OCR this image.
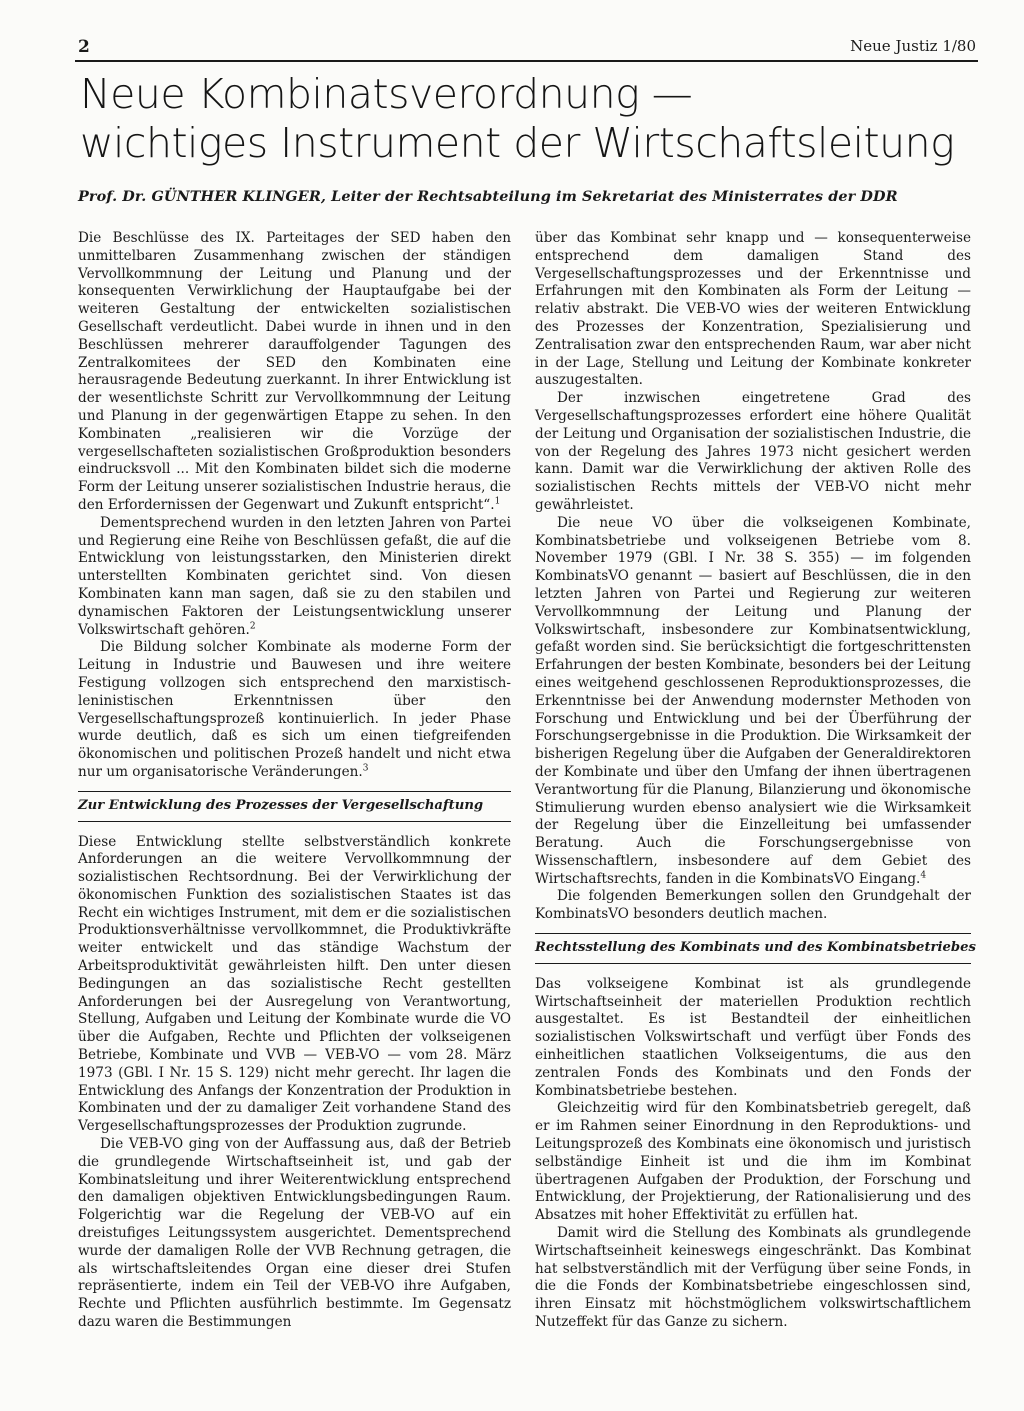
2	Neue Justiz 1/80
Neue Kombinatsverordnung —
wichtiges Instrument der Wirtschaftsleitung
Prof. Dr. GÜNTHER KLINGER, Leiter der Rechtsabteilung im Sekretariat des Ministerrates der DDR

Die Beschlüsse des IX. Parteitages der SED haben den unmittelbaren Zusammenhang zwischen der ständigen Vervollkommnung der Leitung und Planung und der konsequenten Verwirklichung der Hauptaufgabe bei der weiteren Gestaltung der entwickelten sozialistischen Gesellschaft verdeutlicht. Dabei wurde in ihnen und in den Beschlüssen mehrerer darauffolgender Tagungen des Zentralkomitees der SED den Kombinaten eine herausragende Bedeutung zuerkannt. In ihrer Entwicklung ist der wesentlichste Schritt zur Vervollkommnung der Leitung und Planung in der gegenwärtigen Etappe zu sehen. In den Kombinaten „realisieren wir die Vorzüge der vergesellschafteten sozialistischen Großproduktion besonders eindrucksvoll ... Mit den Kombinaten bildet sich die moderne Form der Leitung unserer sozialistischen Industrie heraus, die den Erfordernissen der Gegenwart und Zukunft entspricht“.$^1$

Dementsprechend wurden in den letzten Jahren von Partei und Regierung eine Reihe von Beschlüssen gefaßt, die auf die Entwicklung von leistungsstarken, den Ministerien direkt unterstellten Kombinaten gerichtet sind. Von diesen Kombinaten kann man sagen, daß sie zu den stabilen und dynamischen Faktoren der Leistungsentwicklung unserer Volkswirtschaft gehören.$^2$

Die Bildung solcher Kombinate als moderne Form der Leitung in Industrie und Bauwesen und ihre weitere Festigung vollzogen sich entsprechend den marxistisch-leninistischen Erkenntnissen über den Vergesellschaftungsprozeß kontinuierlich. In jeder Phase wurde deutlich, daß es sich um einen tiefgreifenden ökonomischen und politischen Prozeß handelt und nicht etwa nur um organisatorische Veränderungen.$^3$

Zur Entwicklung des Prozesses der Vergesellschaftung

Diese Entwicklung stellte selbstverständlich konkrete Anforderungen an die weitere Vervollkommnung der sozialistischen Rechtsordnung. Bei der Verwirklichung der ökonomischen Funktion des sozialistischen Staates ist das Recht ein wichtiges Instrument, mit dem er die sozialistischen Produktionsverhältnisse vervollkommnet, die Produktivkräfte weiter entwickelt und das ständige Wachstum der Arbeitsproduktivität gewährleisten hilft. Den unter diesen Bedingungen an das sozialistische Recht gestellten Anforderungen bei der Ausregelung von Verantwortung, Stellung, Aufgaben und Leitung der Kombinate wurde die VO über die Aufgaben, Rechte und Pflichten der volkseigenen Betriebe, Kombinate und VVB — VEB-VO — vom 28. März 1973 (GBl. I Nr. 15 S. 129) nicht mehr gerecht. Ihr lagen die Entwicklung des Anfangs der Konzentration der Produktion in Kombinaten und der zu damaliger Zeit vorhandene Stand des Vergesellschaftungsprozesses der Produktion zugrunde.

Die VEB-VO ging von der Auffassung aus, daß der Betrieb die grundlegende Wirtschaftseinheit ist, und gab der Kombinatsleitung und ihrer Weiterentwicklung entsprechend den damaligen objektiven Entwicklungsbedingungen Raum. Folgerichtig war die Regelung der VEB-VO auf ein dreistufiges Leitungssystem ausgerichtet. Dementsprechend wurde der damaligen Rolle der VVB Rechnung getragen, die als wirtschaftsleitendes Organ eine dieser drei Stufen repräsentierte, indem ein Teil der VEB-VO ihre Aufgaben, Rechte und Pflichten ausführlich bestimmte. Im Gegensatz dazu waren die Bestimmungen

über das Kombinat sehr knapp und — konsequenterweise entsprechend dem damaligen Stand des Vergesellschaftungsprozesses und der Erkenntnisse und Erfahrungen mit den Kombinaten als Form der Leitung — relativ abstrakt. Die VEB-VO wies der weiteren Entwicklung des Prozesses der Konzentration, Spezialisierung und Zentralisation zwar den entsprechenden Raum, war aber nicht in der Lage, Stellung und Leitung der Kombinate konkreter auszugestalten.

Der inzwischen eingetretene Grad des Vergesellschaftungsprozesses erfordert eine höhere Qualität der Leitung und Organisation der sozialistischen Industrie, die von der Regelung des Jahres 1973 nicht gesichert werden kann. Damit war die Verwirklichung der aktiven Rolle des sozialistischen Rechts mittels der VEB-VO nicht mehr gewährleistet.

Die neue VO über die volkseigenen Kombinate, Kombinatsbetriebe und volkseigenen Betriebe vom 8. November 1979 (GBl. I Nr. 38 S. 355) — im folgenden KombinatsVO genannt — basiert auf Beschlüssen, die in den letzten Jahren von Partei und Regierung zur weiteren Vervollkommnung der Leitung und Planung der Volkswirtschaft, insbesondere zur Kombinatsentwicklung, gefaßt worden sind. Sie berücksichtigt die fortgeschrittensten Erfahrungen der besten Kombinate, besonders bei der Leitung eines weitgehend geschlossenen Reproduktionsprozesses, die Erkenntnisse bei der Anwendung modernster Methoden von Forschung und Entwicklung und bei der Überführung der Forschungsergebnisse in die Produktion. Die Wirksamkeit der bisherigen Regelung über die Aufgaben der Generaldirektoren der Kombinate und über den Umfang der ihnen übertragenen Verantwortung für die Planung, Bilanzierung und ökonomische Stimulierung wurden ebenso analysiert wie die Wirksamkeit der Regelung über die Einzelleitung bei umfassender Beratung. Auch die Forschungsergebnisse von Wissenschaftlern, insbesondere auf dem Gebiet des Wirtschaftsrechts, fanden in die KombinatsVO Eingang.$^4$

Die folgenden Bemerkungen sollen den Grundgehalt der KombinatsVO besonders deutlich machen.

Rechtsstellung des Kombinats und des Kombinatsbetriebes

Das volkseigene Kombinat ist als grundlegende Wirtschaftseinheit der materiellen Produktion rechtlich ausgestaltet. Es ist Bestandteil der einheitlichen sozialistischen Volkswirtschaft und verfügt über Fonds des einheitlichen staatlichen Volkseigentums, die aus den zentralen Fonds des Kombinats und den Fonds der Kombinatsbetriebe bestehen.

Gleichzeitig wird für den Kombinatsbetrieb geregelt, daß er im Rahmen seiner Einordnung in den Reproduktions- und Leitungsprozeß des Kombinats eine ökonomisch und juristisch selbständige Einheit ist und die ihm im Kombinat übertragenen Aufgaben der Produktion, der Forschung und Entwicklung, der Projektierung, der Rationalisierung und des Absatzes mit hoher Effektivität zu erfüllen hat.

Damit wird die Stellung des Kombinats als grundlegende Wirtschaftseinheit keineswegs eingeschränkt. Das Kombinat hat selbstverständlich mit der Verfügung über seine Fonds, in die die Fonds der Kombinatsbetriebe eingeschlossen sind, ihren Einsatz mit höchstmöglichem volkswirtschaftlichem Nutzeffekt für das Ganze zu sichern.
